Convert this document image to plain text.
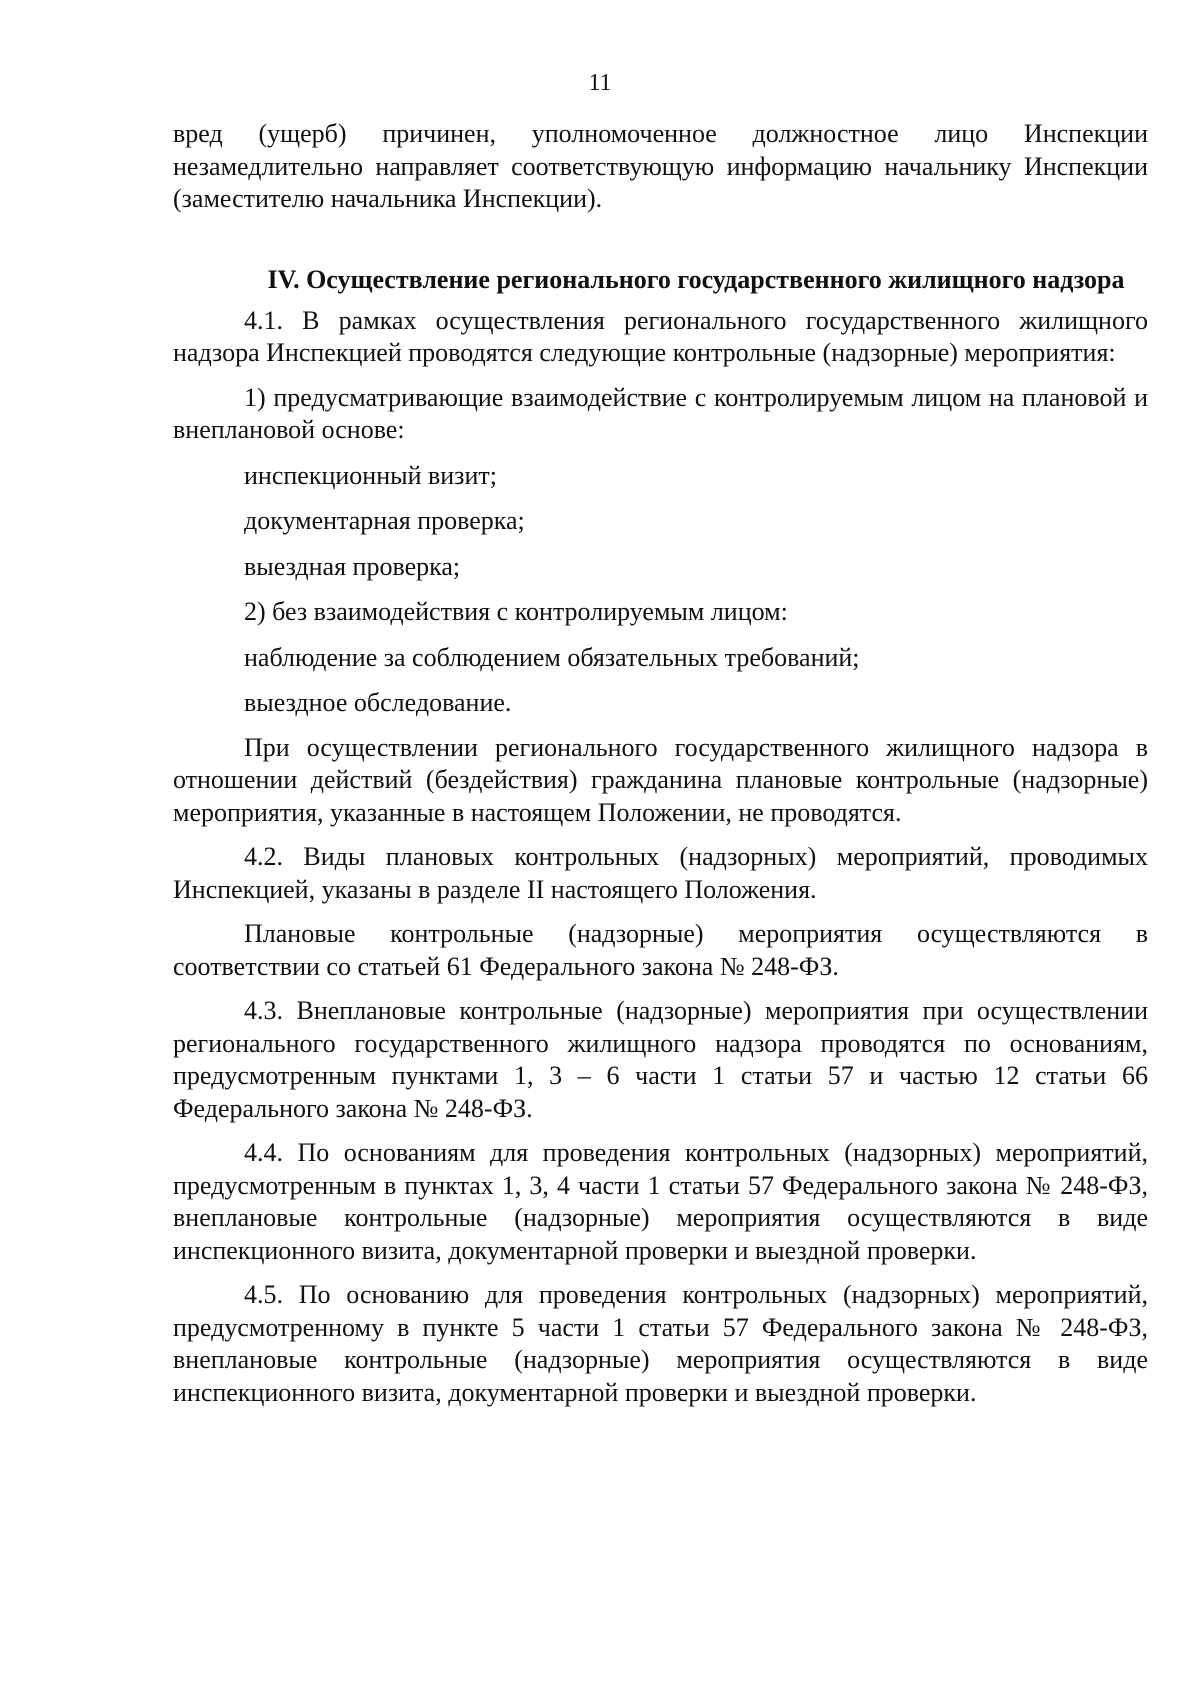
11

вред (ущерб) причинен, уполномоченное должностное лицо Инспекции незамедлительно направляет соответствующую информацию начальнику Инспекции (заместителю начальника Инспекции).

IV. Осуществление регионального государственного жилищного надзора

4.1. В рамках осуществления регионального государственного жилищного надзора Инспекцией проводятся следующие контрольные (надзорные) мероприятия:

1) предусматривающие взаимодействие с контролируемым лицом на плановой и внеплановой основе:

инспекционный визит;

документарная проверка;

выездная проверка;

2) без взаимодействия с контролируемым лицом:

наблюдение за соблюдением обязательных требований;

выездное обследование.

При осуществлении регионального государственного жилищного надзора в отношении действий (бездействия) гражданина плановые контрольные (надзорные) мероприятия, указанные в настоящем Положении, не проводятся.

4.2. Виды плановых контрольных (надзорных) мероприятий, проводимых Инспекцией, указаны в разделе II настоящего Положения.

Плановые контрольные (надзорные) мероприятия осуществляются в соответствии со статьей 61 Федерального закона № 248-ФЗ.

4.3. Внеплановые контрольные (надзорные) мероприятия при осуществлении регионального государственного жилищного надзора проводятся по основаниям, предусмотренным пунктами 1, 3 – 6 части 1 статьи 57 и частью 12 статьи 66 Федерального закона № 248-ФЗ.

4.4. По основаниям для проведения контрольных (надзорных) мероприятий, предусмотренным в пунктах 1, 3, 4 части 1 статьи 57 Федерального закона № 248-ФЗ, внеплановые контрольные (надзорные) мероприятия осуществляются в виде инспекционного визита, документарной проверки и выездной проверки.

4.5. По основанию для проведения контрольных (надзорных) мероприятий, предусмотренному в пункте 5 части 1 статьи 57 Федерального закона № 248-ФЗ, внеплановые контрольные (надзорные) мероприятия осуществляются в виде инспекционного визита, документарной проверки и выездной проверки.
